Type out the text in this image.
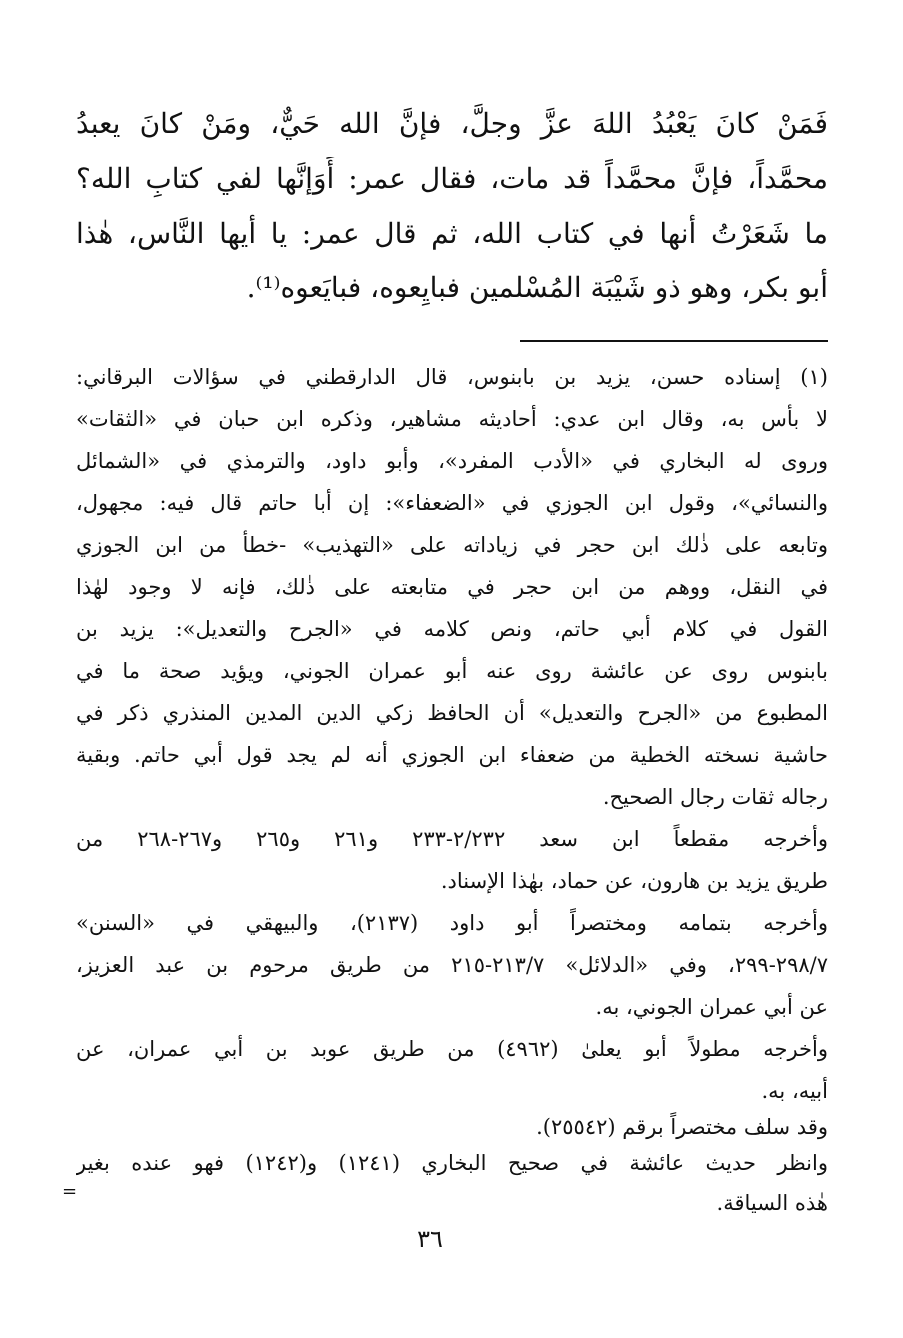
فَمَنْ كانَ يَعْبُدُ اللهَ عزَّ وجلَّ، فإنَّ الله حَيٌّ، ومَنْ كانَ يعبدُ
محمَّداً، فإنَّ محمَّداً قد مات، فقال عمر: أَوَإنَّها لفي كتابِ الله؟
ما شَعَرْتُ أنها في كتاب الله، ثم قال عمر: يا أيها النَّاس، هٰذا
أبو بكر، وهو ذو شَيْبَة المُسْلمين فبايِعوه، فبايَعوه⁽¹⁾.
(١) إسناده حسن، يزيد بن بابنوس، قال الدارقطني في سؤالات البرقاني:
لا بأس به، وقال ابن عدي: أحاديثه مشاهير، وذكره ابن حبان في «الثقات»
وروى له البخاري في «الأدب المفرد»، وأبو داود، والترمذي في «الشمائل
والنسائي»، وقول ابن الجوزي في «الضعفاء»: إن أبا حاتم قال فيه: مجهول،
وتابعه على ذٰلك ابن حجر في زياداته على «التهذيب» -خطأ من ابن الجوزي
في النقل، ووهم من ابن حجر في متابعته على ذٰلك، فإنه لا وجود لهٰذا
القول في كلام أبي حاتم، ونص كلامه في «الجرح والتعديل»: يزيد بن
بابنوس روى عن عائشة روى عنه أبو عمران الجوني، ويؤيد صحة ما في
المطبوع من «الجرح والتعديل» أن الحافظ زكي الدين المدين المنذري ذكر في
حاشية نسخته الخطية من ضعفاء ابن الجوزي أنه لم يجد قول أبي حاتم. وبقية
رجاله ثقات رجال الصحيح.
وأخرجه مقطعاً ابن سعد ٢/٢٣٢-٢٣٣ و٢٦١ و٢٦٥ و٢٦٧-٢٦٨ من
طريق يزيد بن هارون، عن حماد، بهٰذا الإسناد.
وأخرجه بتمامه ومختصراً أبو داود (٢١٣٧)، والبيهقي في «السنن»
٢٩٨/٧-٢٩٩، وفي «الدلائل» ٢١٣/٧-٢١٥ من طريق مرحوم بن عبد العزيز،
عن أبي عمران الجوني، به.
وأخرجه مطولاً أبو يعلىٰ (٤٩٦٢) من طريق عوبد بن أبي عمران، عن
أبيه، به.
وقد سلف مختصراً برقم (٢٥٥٤٢).
وانظر حديث عائشة في صحيح البخاري (١٢٤١) و(١٢٤٢) فهو عنده بغير
هٰذه السياقة.
=
٣٦
